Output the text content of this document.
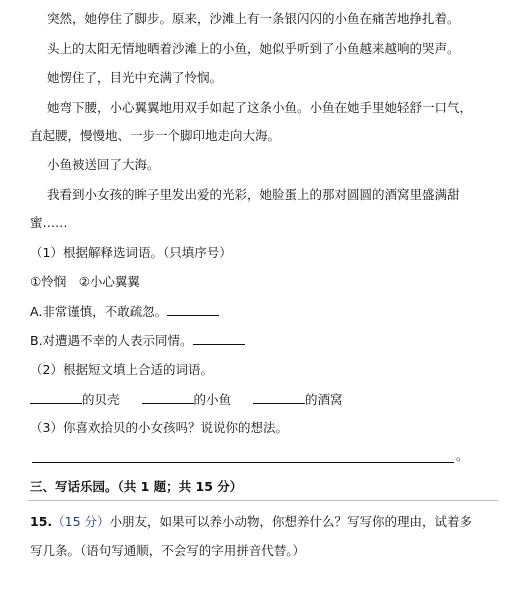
突然，她停住了脚步。原来，沙滩上有一条银闪闪的小鱼在痛苦地挣扎着。
头上的太阳无情地晒着沙滩上的小鱼，她似乎听到了小鱼越来越响的哭声。
她愣住了，目光中充满了怜悯。
她弯下腰，小心翼翼地用双手如起了这条小鱼。小鱼在她手里她轻舒一口气，
直起腰，慢慢地、一步一个脚印地走向大海。
小鱼被送回了大海。
我看到小女孩的眸子里发出爱的光彩，她脸蛋上的那对圆圆的酒窝里盛满甜
蜜……
（1）根据解释选词语。（只填序号）
①怜悯　②小心翼翼
A.非常谨慎，不敢疏忽。
B.对遭遇不幸的人表示同情。
（2）根据短文填上合适的词语。
的贝壳	的小鱼	的酒窝
（3）你喜欢拾贝的小女孩吗？说说你的想法。
。
三、写话乐园。（共 1 题；共 15 分）
15.（15 分）小朋友，如果可以养小动物，你想养什么？写写你的理由，试着多
写几条。（语句写通顺，不会写的字用拼音代替。）
